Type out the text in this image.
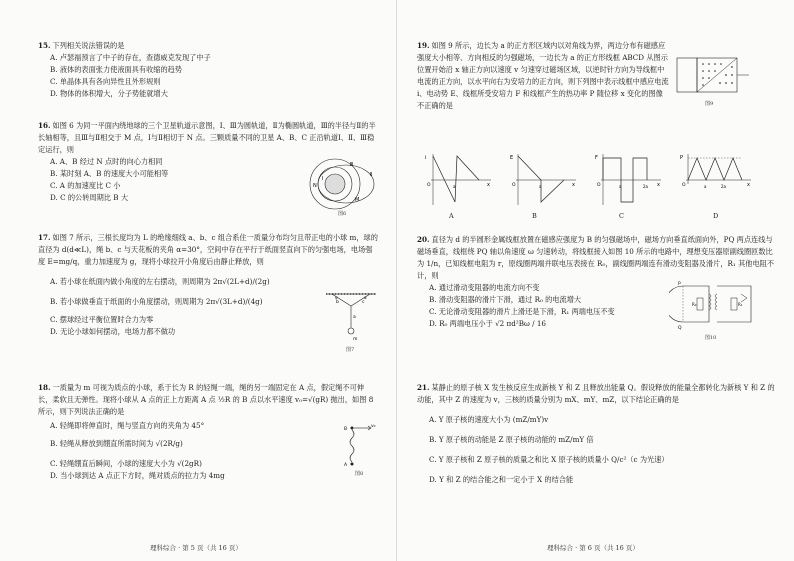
15. 下列相关说法错误的是

A. 卢瑟福预言了中子的存在，查德威克发现了中子

B. 液体的表面张力使液面具有收缩的趋势

C. 单晶体具有各向异性且外形规则

D. 物体的体积增大，分子势能就增大

16. 如图 6 为同一平面内绕地球的三个卫星轨道示意图，Ⅰ、Ⅲ为圆轨道，Ⅱ为椭圆轨道，Ⅲ的半径与Ⅱ的半长轴相等，且Ⅲ与Ⅱ相交于 M 点，Ⅰ与Ⅱ相切于 N 点。三颗质量不同的卫星 A、B、C 正沿轨道Ⅰ、Ⅱ、Ⅲ稳定运行，则

A. A、B 经过 N 点时的向心力相同

B. 某时刻 A、B 的速度大小可能相等

C. A 的加速度比 C 小

D. C 的公转周期比 B 大

Ⅰ
Ⅱ
Ⅲ
M
N
图6

17. 如图 7 所示，三根长度均为 L 的绝缘细线 a、b、c 组合系住一质量分布均匀且带正电的小球 m，球的直径为 d(d≪L)，绳 b、c 与天花板的夹角 α=30°，空间中存在平行于纸面竖直向下的匀强电场，电场强度 E=mg/q，重力加速度为 g，现将小球拉开小角度后由静止释放，则

A. 若小球在纸面内做小角度的左右摆动，则周期为 2π√(2L+d)/(2g)

B. 若小球做垂直于纸面的小角度摆动，则周期为 2π√(3L+d)/(4g)

C. 摆球经过平衡位置时合力为零

D. 无论小球如何摆动，电场力都不做功

b	c
a
α	α
m
图7

18. 一质量为 m 可视为质点的小球，系于长为 R 的轻绳一端，绳的另一端固定在 A 点，假定绳不可伸长，柔软且无弹性。现将小球从 A 点的正上方距离 A 点 ½R 的 B 点以水平速度 v₀=√(gR) 抛出，如图 8 所示，则下列说法正确的是

A. 轻绳即将伸直时，绳与竖直方向的夹角为 45°

B. 轻绳从释放到绷直所需时间为 √(2R/g)

C. 轻绳绷直后瞬间，小球的速度大小为 √(2gR)

D. 当小球到达 A 点正下方时，绳对质点的拉力为 4mg

B
v₀
A
图8
理科综合 · 第 5 页（共 16 页）

19. 如图 9 所示，边长为 a 的正方形区域内以对角线为界，两边分布有磁感应强度大小相等、方向相反的匀强磁场，一边长为 a 的正方形线框 ABCD 从图示位置开始沿 x 轴正方向以速度 v 匀速穿过磁场区域，以逆时针方向为导线框中电流的正方向，以水平向右为安培力的正方向，则下列图中表示线框中感应电流 i、电动势 E、线框所受安培力 F 和线框产生的热功率 P 随位移 x 变化的图像不正确的是	图9
i
x
O	a
E
x
O	a
F
x
O	a	2a
P
x
O	a	2a
A	B	C	D

20. 直径为 d 的半圆形金属线框放置在磁感应强度为 B 的匀强磁场中，磁场方向垂直纸面向外，PQ 两点连线与磁场垂直，线框绕 PQ 轴以角速度 ω 匀速转动，将线框接入如图 10 所示的电路中，理想变压器原副线圈匝数比为 1/n，已知线框电阻为 r，原线圈两端并联电压表接在 R₀，副线圈两端连有滑动变阻器及滑片，R₁ 其他电阻不计，则

A. 通过滑动变阻器的电流方向不变

B. 滑动变阻器的滑片下滑，通过 R₀ 的电流增大

C. 无论滑动变阻器的滑片上滑还是下滑，R₁ 两端电压不变

D. R₀ 两端电压小于 √2 πd²Bω / 16

P
Q
R₀	R₁
图10

21. 某静止的原子核 X 发生核反应生成新核 Y 和 Z 且释放出能量 Q。假设释放的能量全都转化为新核 Y 和 Z 的动能，其中 Z 的速度为 v，三核的质量分别为 mX、mY、mZ，以下结论正确的是

A. Y 原子核的速度大小为 (mZ/mY)v

B. Y 原子核的动能是 Z 原子核的动能的 mZ/mY 倍

C. Y 原子核和 Z 原子核的质量之和比 X 原子核的质量小 Q/c²（c 为光速）

D. Y 和 Z 的结合能之和一定小于 X 的结合能

理科综合 · 第 6 页（共 16 页）
